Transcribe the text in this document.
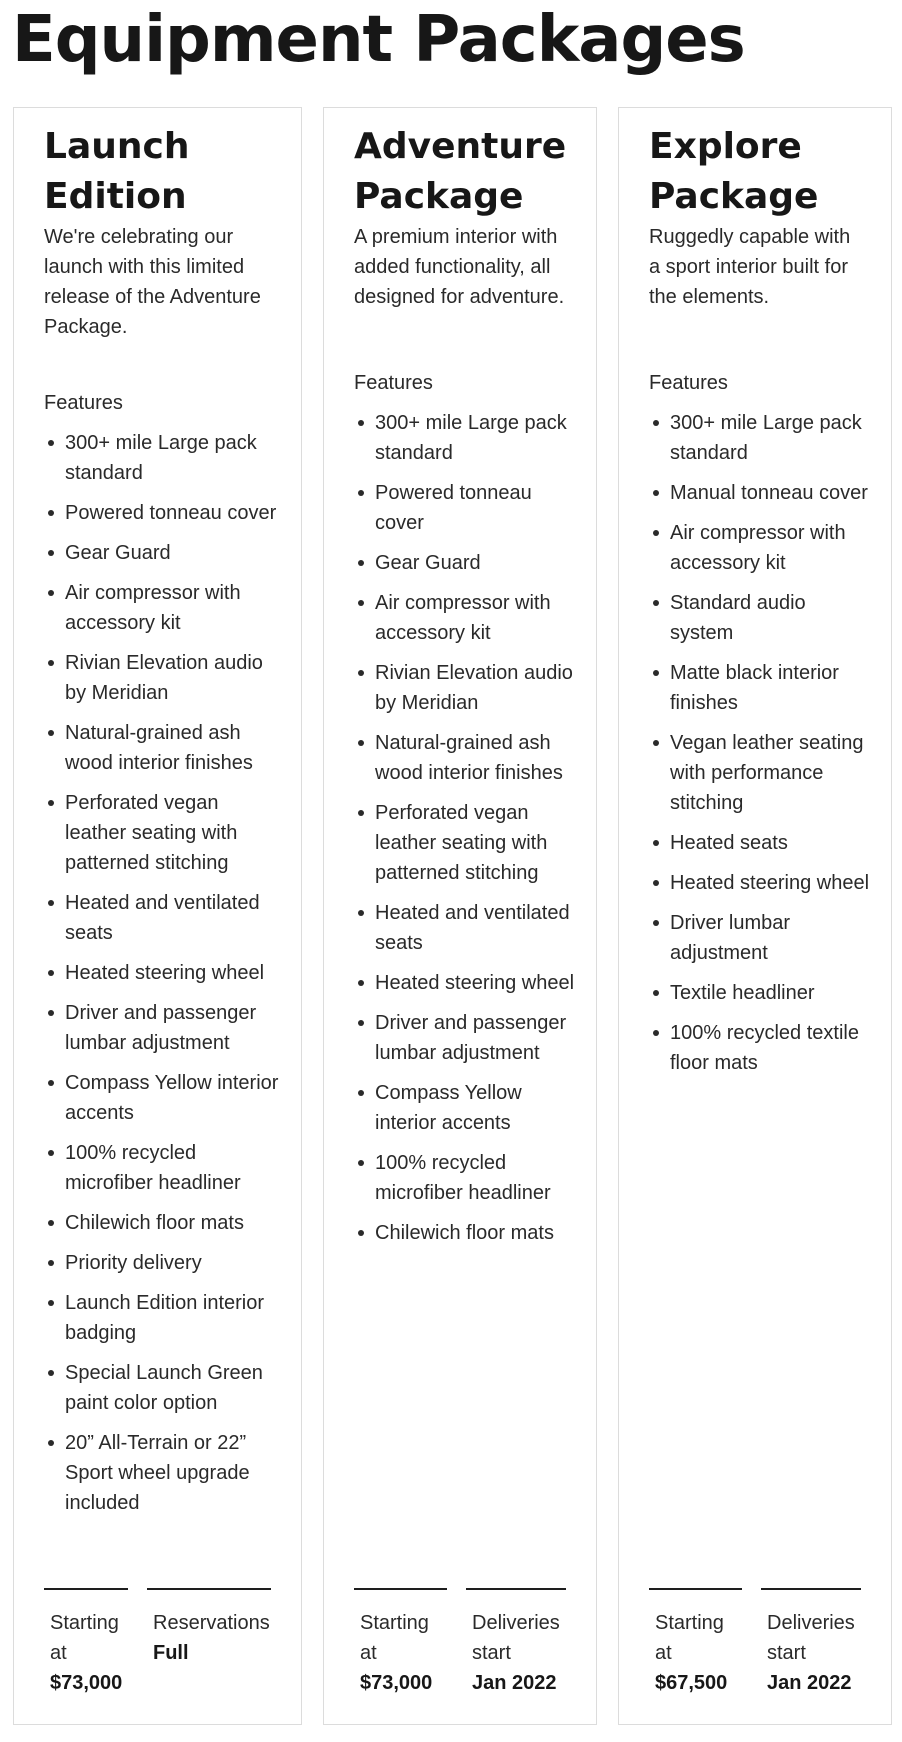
Equipment Packages
Launch Edition

We're celebrating our launch with this limited release of the Adventure Package.

Features
300+ mile Large pack standard
Powered tonneau cover
Gear Guard
Air compressor with accessory kit
Rivian Elevation audio by Meridian
Natural-grained ash wood interior finishes
Perforated vegan leather seating with patterned stitching
Heated and ventilated seats
Heated steering wheel
Driver and passenger lumbar adjustment
Compass Yellow interior accents
100% recycled microfiber headliner
Chilewich floor mats
Priority delivery
Launch Edition interior badging
Special Launch Green paint color option
20” All-Terrain or 22” Sport wheel upgrade included
Starting at
$73,000
Reservations
Full
Adventure Package

A premium interior with added functionality, all designed for adventure.

Features
300+ mile Large pack standard
Powered tonneau cover
Gear Guard
Air compressor with accessory kit
Rivian Elevation audio by Meridian
Natural-grained ash wood interior finishes
Perforated vegan leather seating with patterned stitching
Heated and ventilated seats
Heated steering wheel
Driver and passenger lumbar adjustment
Compass Yellow interior accents
100% recycled microfiber headliner
Chilewich floor mats
Starting at
$73,000
Deliveries start
Jan 2022
Explore Package

Ruggedly capable with a sport interior built for the elements.

Features
300+ mile Large pack standard
Manual tonneau cover
Air compressor with accessory kit
Standard audio system
Matte black interior finishes
Vegan leather seating with performance stitching
Heated seats
Heated steering wheel
Driver lumbar adjustment
Textile headliner
100% recycled textile floor mats
Starting at
$67,500
Deliveries start
Jan 2022
